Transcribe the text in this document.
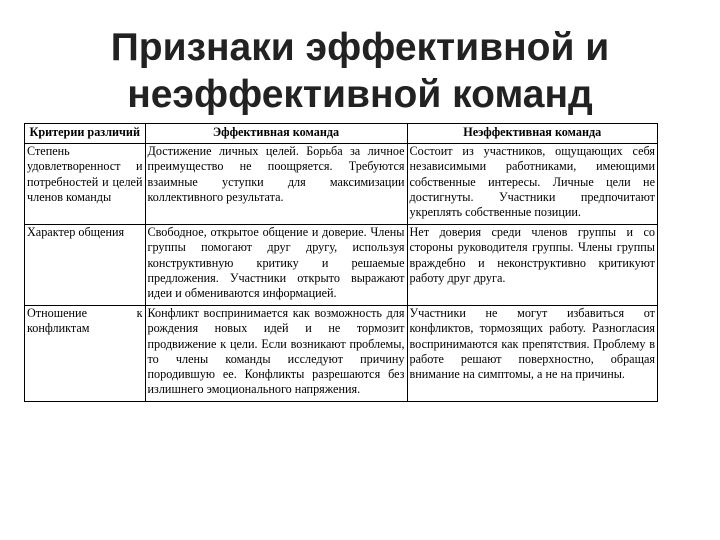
Признаки эффективной и
неэффективной команд
Критерии различий	Эффективная команда	Неэффективная команда
Степень удовлетворенност и потребностей и целей членов команды	Достижение личных целей. Борьба за личное преимущество не поощряется. Требуются взаимные уступки для максимизации коллективного результата.	Состоит из участников, ощущающих себя независимыми работниками, имеющими собственные интересы. Личные цели не достигнуты. Участники предпочитают укреплять собственные позиции.
Характер общения	Свободное, открытое общение и доверие. Члены группы помогают друг другу, используя конструктивную критику и решаемые предложения. Участники открыто выражают идеи и обмениваются информацией.	Нет доверия среди членов группы и со стороны руководителя группы. Члены группы враждебно и неконструктивно критикуют работу друг друга.
Отношение к конфликтам	Конфликт воспринимается как возможность для рождения новых идей и не тормозит продвижение к цели. Если возникают проблемы, то члены команды исследуют причину породившую ее. Конфликты разрешаются без излишнего эмоционального напряжения.	Участники не могут избавиться от конфликтов, тормозящих работу. Разногласия воспринимаются как препятствия. Проблему в работе решают поверхностно, обращая внимание на симптомы, а не на причины.
